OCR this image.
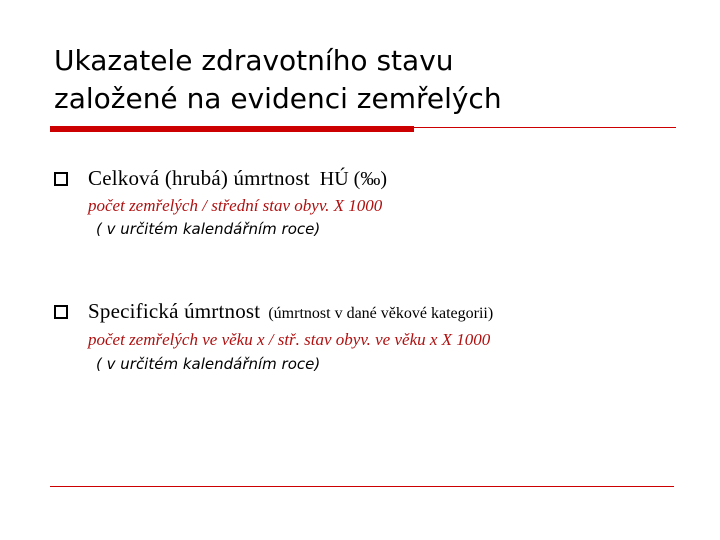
Ukazatele zdravotního stavu
založené na evidenci zemřelých
Celková (hrubá) úmrtnost HÚ (‰)
počet zemřelých / střední stav obyv. X 1000
( v určitém kalendářním roce)
Specifická úmrtnost (úmrtnost v dané věkové kategorii)
počet zemřelých ve věku x / stř. stav obyv. ve věku x X 1000
( v určitém kalendářním roce)
